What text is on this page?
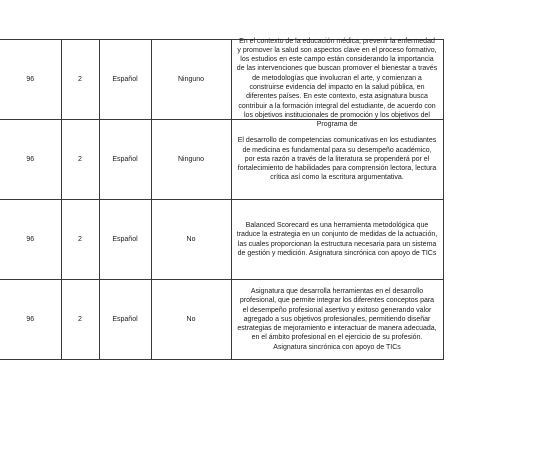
96	2	Español	Ninguno	En el contexto de la educación médica, prevenir la enfermedad y promover la salud son aspectos clave en el proceso formativo, los estudios en este campo están considerando la importancia de las intervenciones que buscan promover el bienestar a través de metodologías que involucran el arte, y comienzan a construirse evidencia del impacto en la salud pública, en diferentes países. En este contexto, esta asignatura busca contribuir a la formación integral del estudiante, de acuerdo con los objetivos institucionales de promoción y los objetivos del Programa de

96	2	Español	Ninguno	El desarrollo de competencias comunicativas en los estudiantes de medicina es fundamental para su desempeño académico, por esta razón a través de la literatura se propenderá por el fortalecimiento de habilidades para comprensión lectora, lectura crítica así como la escritura argumentativa.

96	2	Español	No	Balanced Scorecard es una herramienta metodológica que traduce la estrategia en un conjunto de medidas de la actuación, las cuales proporcionan la estructura necesaria para un sistema de gestión y medición. Asignatura sincrónica con apoyo de TICs

96	2	Español	No	Asignatura que desarrolla herramientas en el desarrollo profesional, que permite integrar los diferentes conceptos para el desempeño profesional asertivo y exitoso generando valor agregado a sus objetivos profesionales, permitiendo diseñar estrategias de mejoramiento e interactuar de manera adecuada, en el ámbito profesional en el ejercicio de su profesión. Asignatura sincrónica con apoyo de TICs
